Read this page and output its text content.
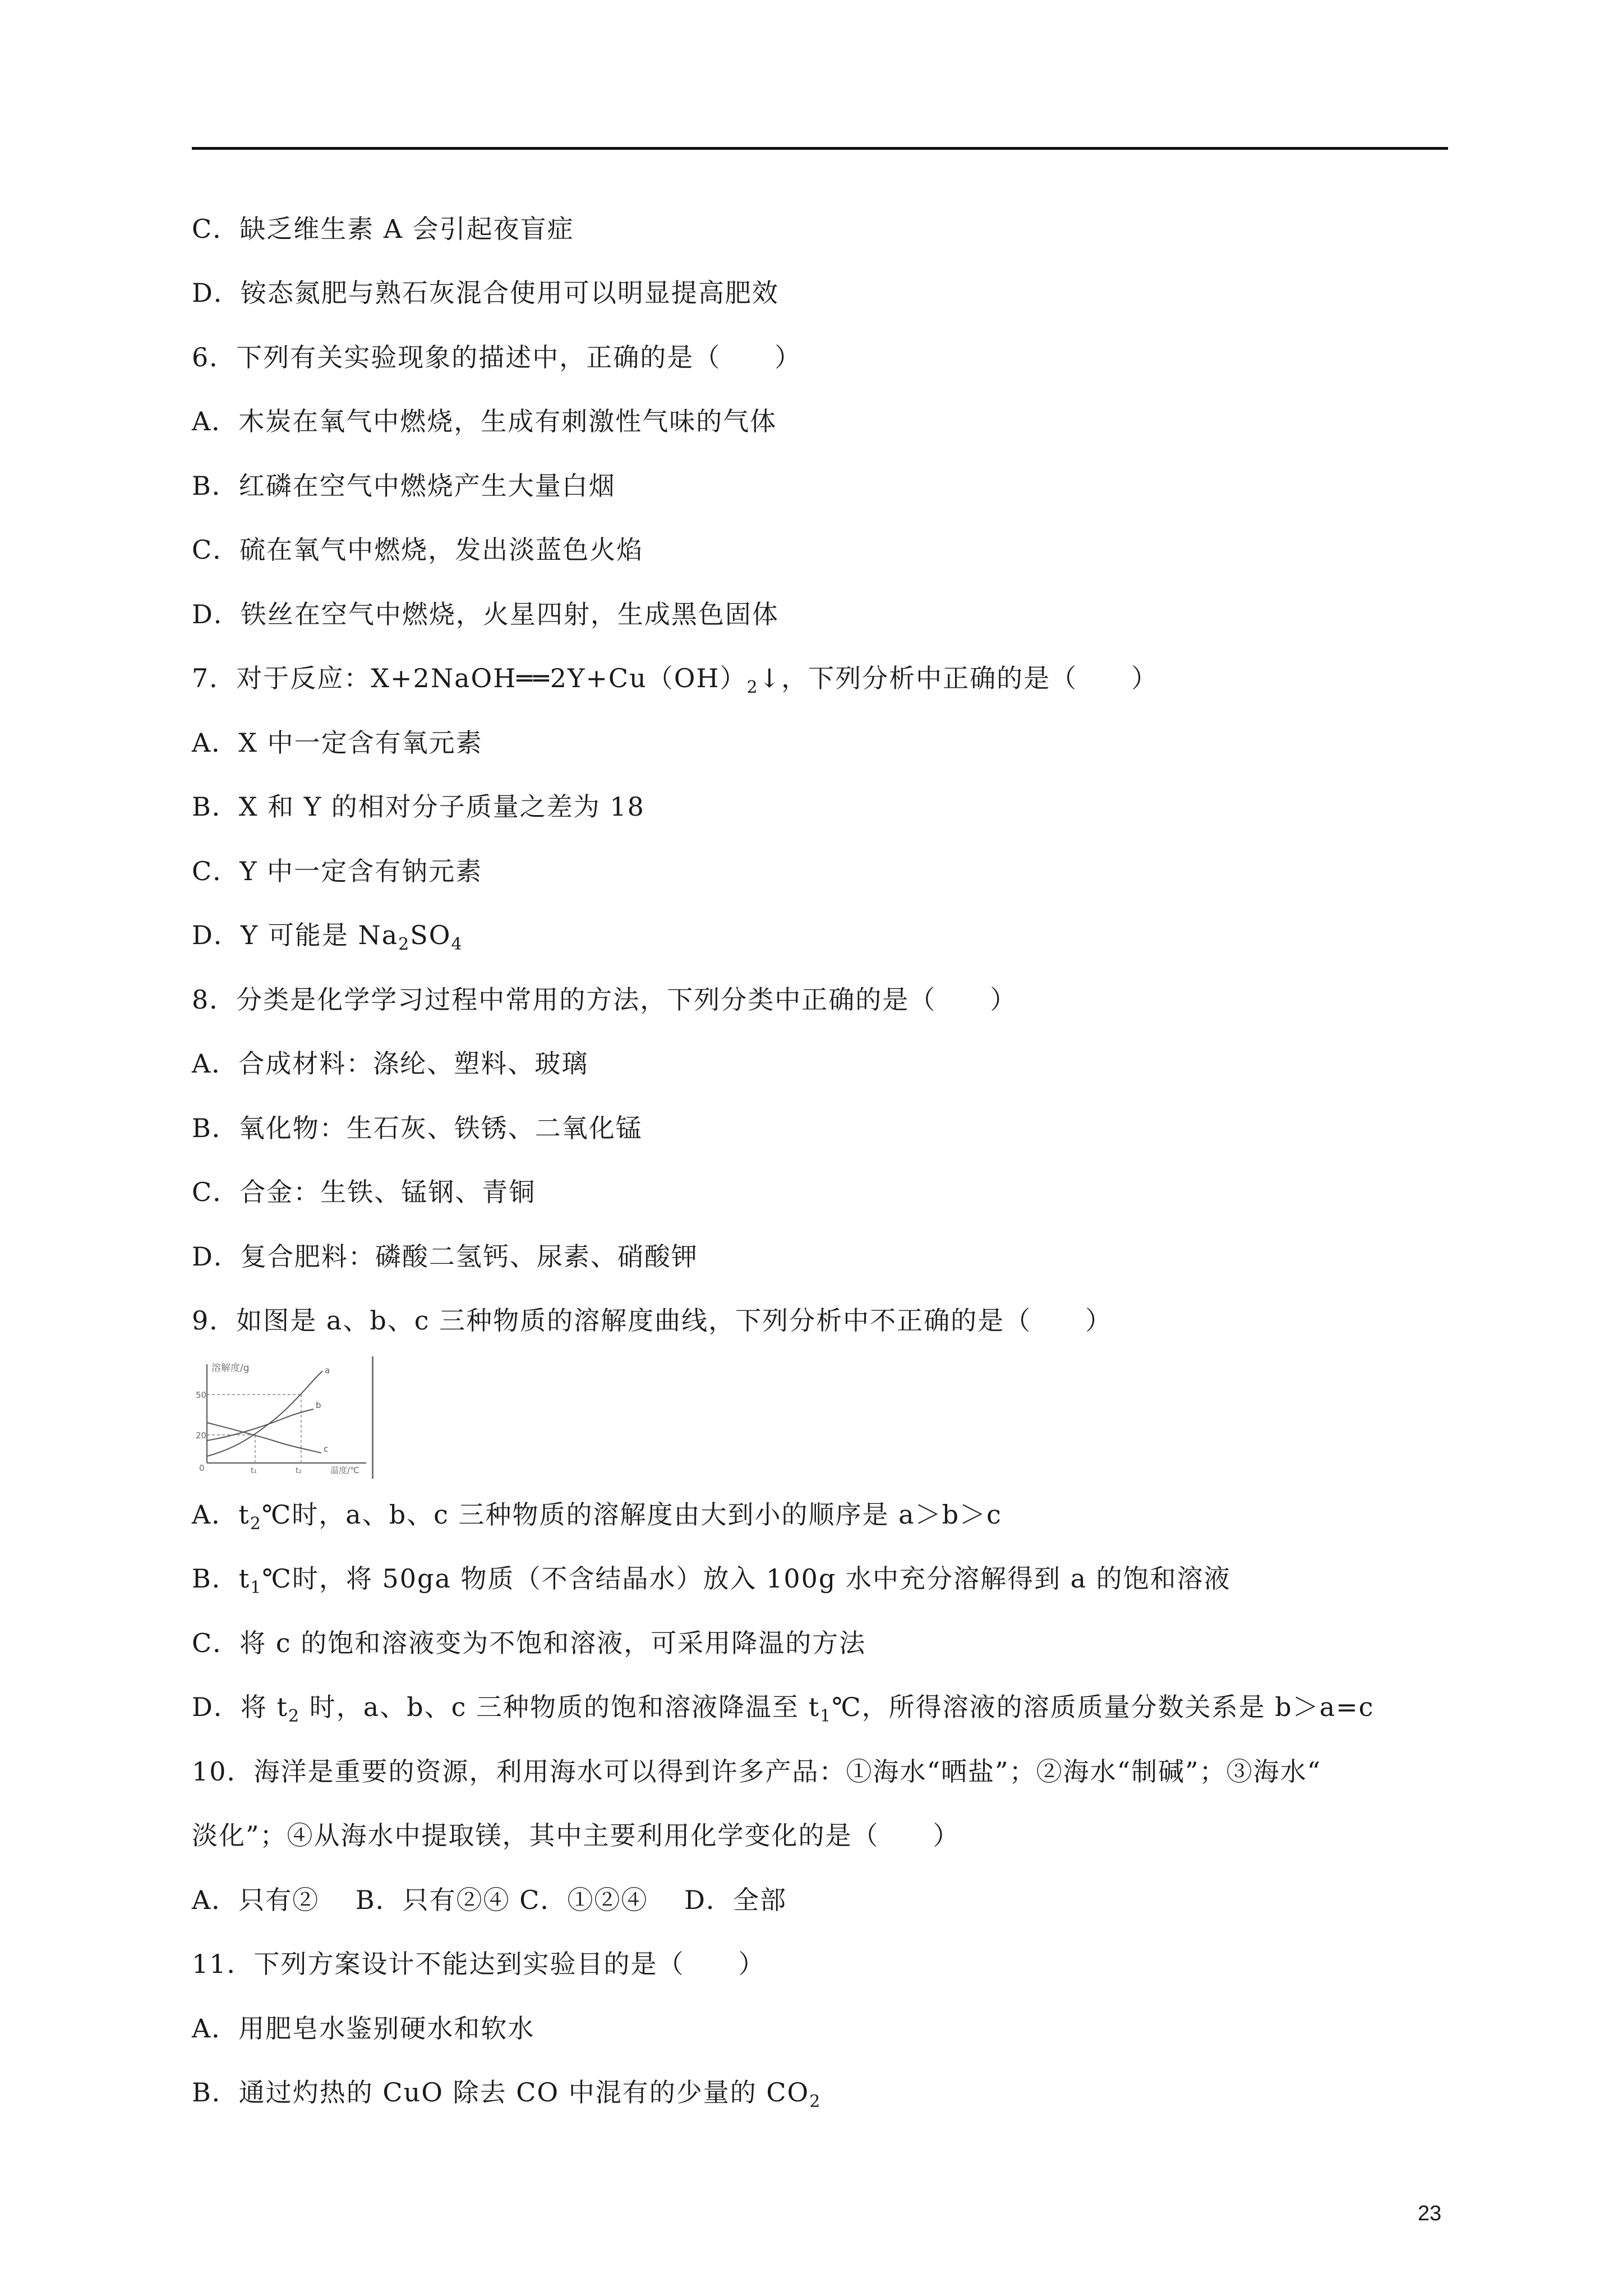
C．缺乏维生素 A 会引起夜盲症
D．铵态氮肥与熟石灰混合使用可以明显提高肥效
6．下列有关实验现象的描述中，正确的是（　　）
A．木炭在氧气中燃烧，生成有刺激性气味的气体
B．红磷在空气中燃烧产生大量白烟
C．硫在氧气中燃烧，发出淡蓝色火焰
D．铁丝在空气中燃烧，火星四射，生成黑色固体
7．对于反应：$X+2NaOH══2Y+Cu(OH)_2↓$，下列分析中正确的是（　　）
A．X 中一定含有氧元素
B．X 和 Y 的相对分子质量之差为 18
C．Y 中一定含有钠元素
D．Y 可能是 $Na_2SO_4$
8．分类是化学学习过程中常用的方法，下列分类中正确的是（　　）
A．合成材料：涤纶、塑料、玻璃
B．氧化物：生石灰、铁锈、二氧化锰
C．合金：生铁、锰钢、青铜
D．复合肥料：磷酸二氢钙、尿素、硝酸钾
9．如图是 a、b、c 三种物质的溶解度曲线，下列分析中不正确的是（　　）
溶解度/g
温度/℃
50
20
0	t₁	t₂
a
b
c
A．$t_2℃$时，a、b、c 三种物质的溶解度由大到小的顺序是 a＞b＞c
B．$t_1℃$时，将 50ga 物质（不含结晶水）放入 100g 水中充分溶解得到 a 的饱和溶液
C．将 c 的饱和溶液变为不饱和溶液，可采用降温的方法
D．将 $t_2$ 时，a、b、c 三种物质的饱和溶液降温至 $t_1℃$，所得溶液的溶质质量分数关系是 b＞a=c
10．海洋是重要的资源，利用海水可以得到许多产品：①海水“晒盐”；②海水“制碱”；③海水“
淡化”；④从海水中提取镁，其中主要利用化学变化的是（　　）
A．只有②　 B．只有②④ C．①②④　 D．全部
11．下列方案设计不能达到实验目的是（　　）
A．用肥皂水鉴别硬水和软水
B．通过灼热的 CuO 除去 CO 中混有的少量的 $CO_2$
23
